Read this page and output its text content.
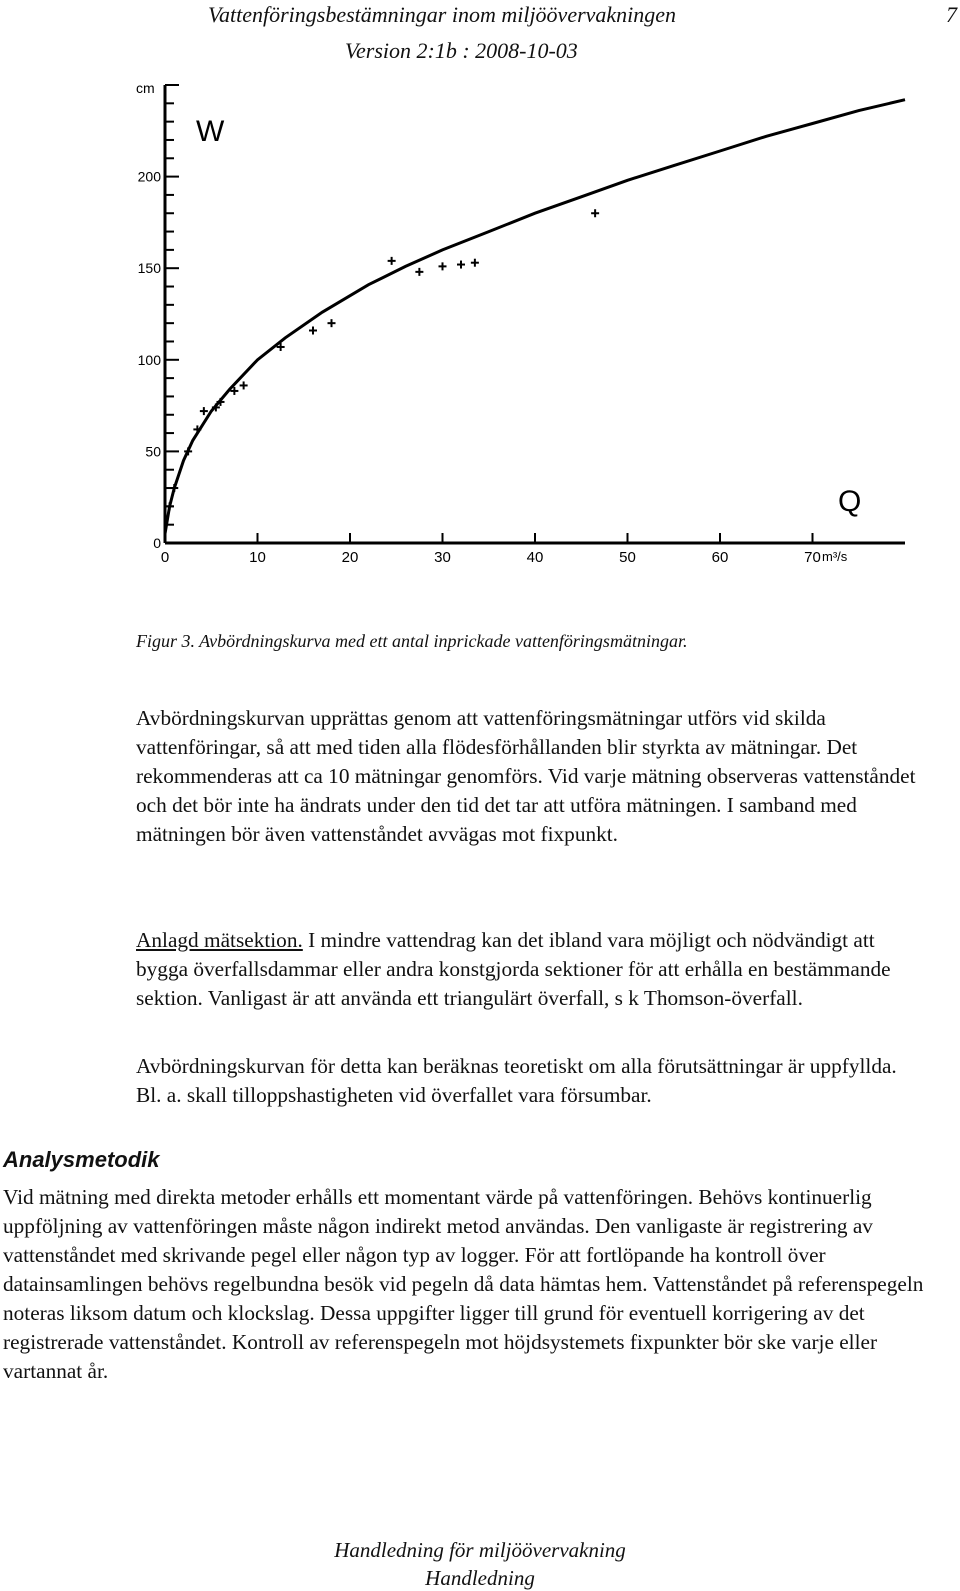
Vattenföringsbestämningar inom miljöövervakningen	7
Version 2:1b : 2008-10-03
0
50
100
150
200
0	10	20	30	40	50	60	70
W
Q
cm
m³/s
Figur 3. Avbördningskurva med ett antal inprickade vattenföringsmätningar.
Avbördningskurvan upprättas genom att vattenföringsmätningar utförs vid skilda vattenföringar, så att med tiden alla flödesförhållanden blir styrkta av mätningar. Det rekommenderas att ca 10 mätningar genomförs. Vid varje mätning observeras vattenståndet och det bör inte ha ändrats under den tid det tar att utföra mätningen. I samband med mätningen bör även vattenståndet avvägas mot fixpunkt.
Anlagd mätsektion. I mindre vattendrag kan det ibland vara möjligt och nödvändigt att bygga överfallsdammar eller andra konstgjorda sektioner för att erhålla en bestämmande sektion. Vanligast är att använda ett triangulärt överfall, s k Thomson-överfall.
Avbördningskurvan för detta kan beräknas teoretiskt om alla förutsättningar är uppfyllda. Bl. a. skall tilloppshastigheten vid överfallet vara försumbar.
Analysmetodik
Vid mätning med direkta metoder erhålls ett momentant värde på vattenföringen. Behövs kontinuerlig uppföljning av vattenföringen måste någon indirekt metod användas. Den vanligaste är registrering av vattenståndet med skrivande pegel eller någon typ av logger. För att fortlöpande ha kontroll över datainsamlingen behövs regelbundna besök vid pegeln då data hämtas hem. Vattenståndet på referenspegeln noteras liksom datum och klockslag. Dessa uppgifter ligger till grund för eventuell korrigering av det registrerade vattenståndet. Kontroll av referenspegeln mot höjdsystemets fixpunkter bör ske varje eller vartannat år.
Handledning för miljöövervakning
Handledning
